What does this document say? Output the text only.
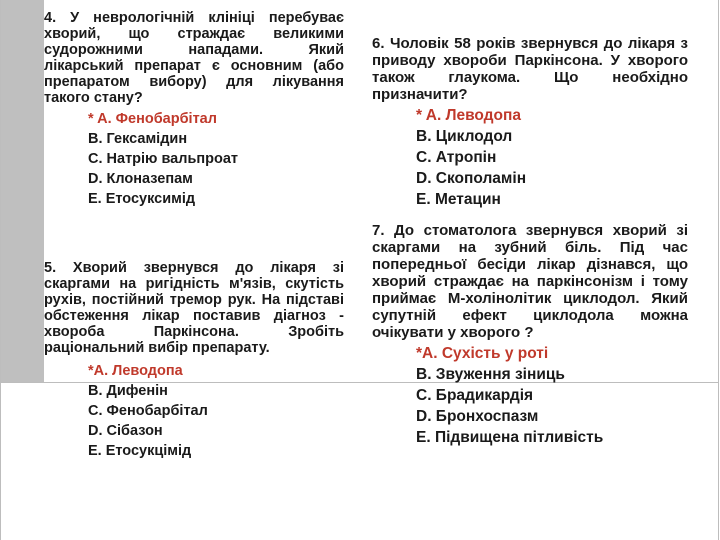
4. У неврологічній клініці перебуває хворий, що страждає великими судорожними нападами. Який лікарський препарат є основним (або препаратом вибору) для лікування такого стану?

* A. Фенобарбітал
B. Гексамідин
C. Натрію вальпроат
D. Клоназепам
E. Етосуксимід

5. Хворий звернувся до лікаря зі скаргами на ригідність м'язів, скутість рухів, постійний тремор рук. На підставі обстеження лікар поставив діагноз - хвороба Паркінсона. Зробіть раціональний вибір препарату.

*A. Леводопа
B. Дифенін
C. Фенобарбітал
D. Сібазон
E. Етосукцімід

6. Чоловік 58 років звернувся до лікаря з приводу хвороби Паркінсона. У хворого також глаукома. Що необхідно призначити?

* A. Леводопа
B. Циклодол
C. Атропін
D. Скополамін
E. Метацин

7. До стоматолога звернувся хворий зі скаргами на зубний біль. Під час попередньої бесіди лікар дізнався, що хворий страждає на паркінсонізм і тому приймає М-холінолітик циклодол. Який супутній ефект циклодола можна очікувати у хворого ?

*A. Сухість у роті
B. Звуження зіниць
C. Брадикардія
D. Бронхоспазм
E. Підвищена пітливість
